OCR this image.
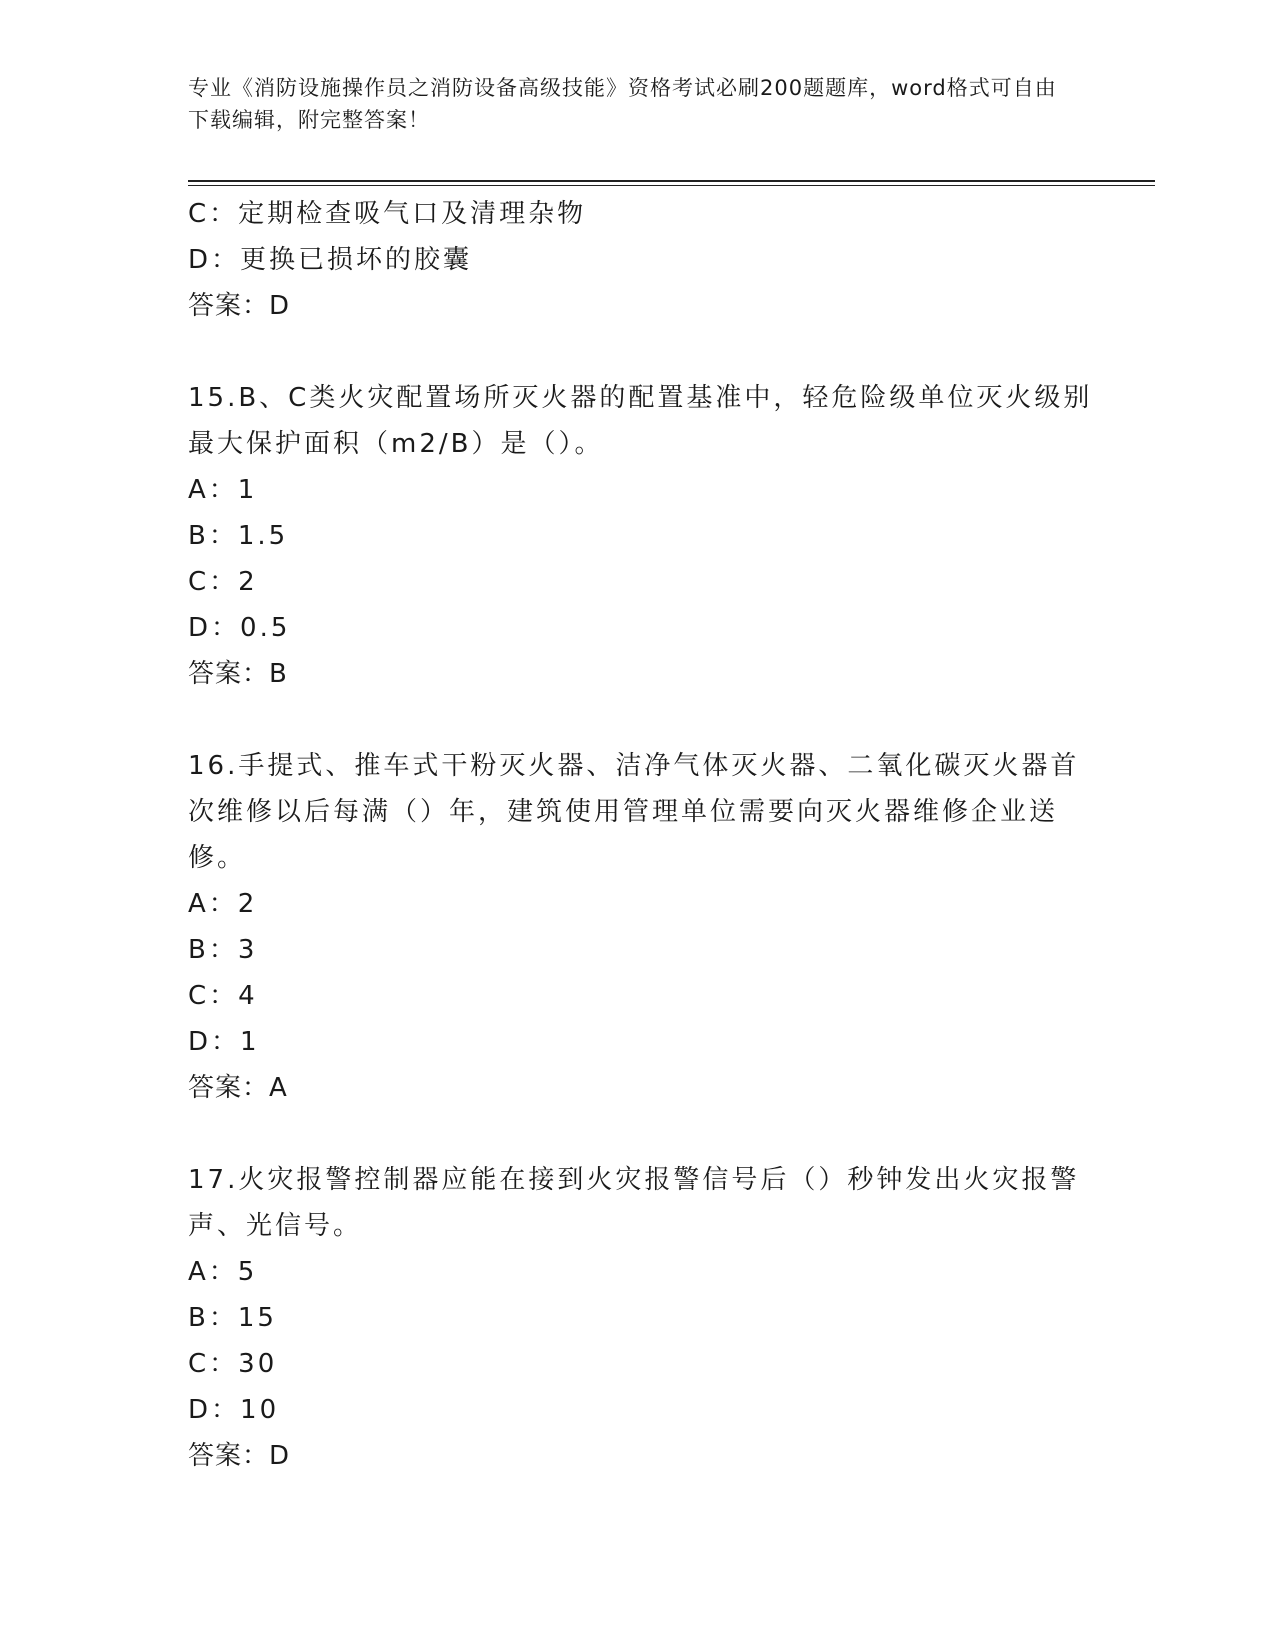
专业《消防设施操作员之消防设备高级技能》资格考试必刷200题题库，word格式可自由下载编辑，附完整答案！
C：定期检查吸气口及清理杂物
D：更换已损坏的胶囊
答案：D
15.B、C类火灾配置场所灭火器的配置基准中，轻危险级单位灭火级别
最大保护面积（m2/B）是（）。
A：1
B：1.5
C：2
D：0.5
答案：B
16.手提式、推车式干粉灭火器、洁净气体灭火器、二氧化碳灭火器首
次维修以后每满（）年，建筑使用管理单位需要向灭火器维修企业送
修。
A：2
B：3
C：4
D：1
答案：A
17.火灾报警控制器应能在接到火灾报警信号后（）秒钟发出火灾报警
声、光信号。
A：5
B：15
C：30
D：10
答案：D
